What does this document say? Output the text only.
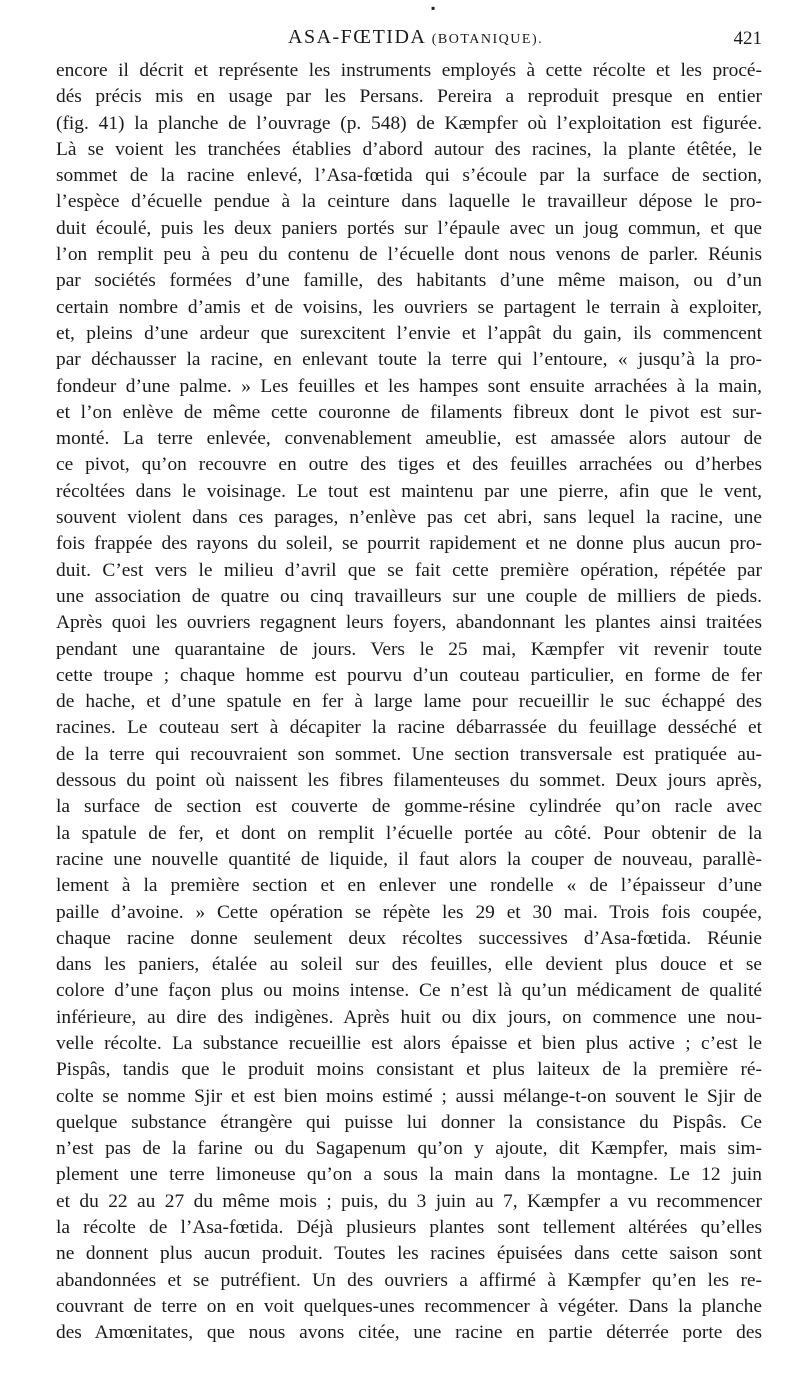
▪
ASA-FŒTIDA (BOTANIQUE).	421
encore il décrit et représente les instruments employés à cette récolte et les procé-
dés précis mis en usage par les Persans. Pereira a reproduit presque en entier
(fig. 41) la planche de l’ouvrage (p. 548) de Kæmpfer où l’exploitation est figurée.
Là se voient les tranchées établies d’abord autour des racines, la plante étêtée, le
sommet de la racine enlevé, l’Asa-fœtida qui s’écoule par la surface de section,
l’espèce d’écuelle pendue à la ceinture dans laquelle le travailleur dépose le pro-
duit écoulé, puis les deux paniers portés sur l’épaule avec un joug commun, et que
l’on remplit peu à peu du contenu de l’écuelle dont nous venons de parler. Réunis
par sociétés formées d’une famille, des habitants d’une même maison, ou d’un
certain nombre d’amis et de voisins, les ouvriers se partagent le terrain à exploiter,
et, pleins d’une ardeur que surexcitent l’envie et l’appât du gain, ils commencent
par déchausser la racine, en enlevant toute la terre qui l’entoure, « jusqu’à la pro-
fondeur d’une palme. » Les feuilles et les hampes sont ensuite arrachées à la main,
et l’on enlève de même cette couronne de filaments fibreux dont le pivot est sur-
monté. La terre enlevée, convenablement ameublie, est amassée alors autour de
ce pivot, qu’on recouvre en outre des tiges et des feuilles arrachées ou d’herbes
récoltées dans le voisinage. Le tout est maintenu par une pierre, afin que le vent,
souvent violent dans ces parages, n’enlève pas cet abri, sans lequel la racine, une
fois frappée des rayons du soleil, se pourrit rapidement et ne donne plus aucun pro-
duit. C’est vers le milieu d’avril que se fait cette première opération, répétée par
une association de quatre ou cinq travailleurs sur une couple de milliers de pieds.
Après quoi les ouvriers regagnent leurs foyers, abandonnant les plantes ainsi traitées
pendant une quarantaine de jours. Vers le 25 mai, Kæmpfer vit revenir toute
cette troupe ; chaque homme est pourvu d’un couteau particulier, en forme de fer
de hache, et d’une spatule en fer à large lame pour recueillir le suc échappé des
racines. Le couteau sert à décapiter la racine débarrassée du feuillage desséché et
de la terre qui recouvraient son sommet. Une section transversale est pratiquée au-
dessous du point où naissent les fibres filamenteuses du sommet. Deux jours après,
la surface de section est couverte de gomme-résine cylindrée qu’on racle avec
la spatule de fer, et dont on remplit l’écuelle portée au côté. Pour obtenir de la
racine une nouvelle quantité de liquide, il faut alors la couper de nouveau, parallè-
lement à la première section et en enlever une rondelle « de l’épaisseur d’une
paille d’avoine. » Cette opération se répète les 29 et 30 mai. Trois fois coupée,
chaque racine donne seulement deux récoltes successives d’Asa-fœtida. Réunie
dans les paniers, étalée au soleil sur des feuilles, elle devient plus douce et se
colore d’une façon plus ou moins intense. Ce n’est là qu’un médicament de qualité
inférieure, au dire des indigènes. Après huit ou dix jours, on commence une nou-
velle récolte. La substance recueillie est alors épaisse et bien plus active ; c’est le
Pispâs, tandis que le produit moins consistant et plus laiteux de la première ré-
colte se nomme Sjir et est bien moins estimé ; aussi mélange-t-on souvent le Sjir de
quelque substance étrangère qui puisse lui donner la consistance du Pispâs. Ce
n’est pas de la farine ou du Sagapenum qu’on y ajoute, dit Kæmpfer, mais sim-
plement une terre limoneuse qu’on a sous la main dans la montagne. Le 12 juin
et du 22 au 27 du même mois ; puis, du 3 juin au 7, Kæmpfer a vu recommencer
la récolte de l’Asa-fœtida. Déjà plusieurs plantes sont tellement altérées qu’elles
ne donnent plus aucun produit. Toutes les racines épuisées dans cette saison sont
abandonnées et se putréfient. Un des ouvriers a affirmé à Kæmpfer qu’en les re-
couvrant de terre on en voit quelques-unes recommencer à végéter. Dans la planche
des Amœnitates, que nous avons citée, une racine en partie déterrée porte des
